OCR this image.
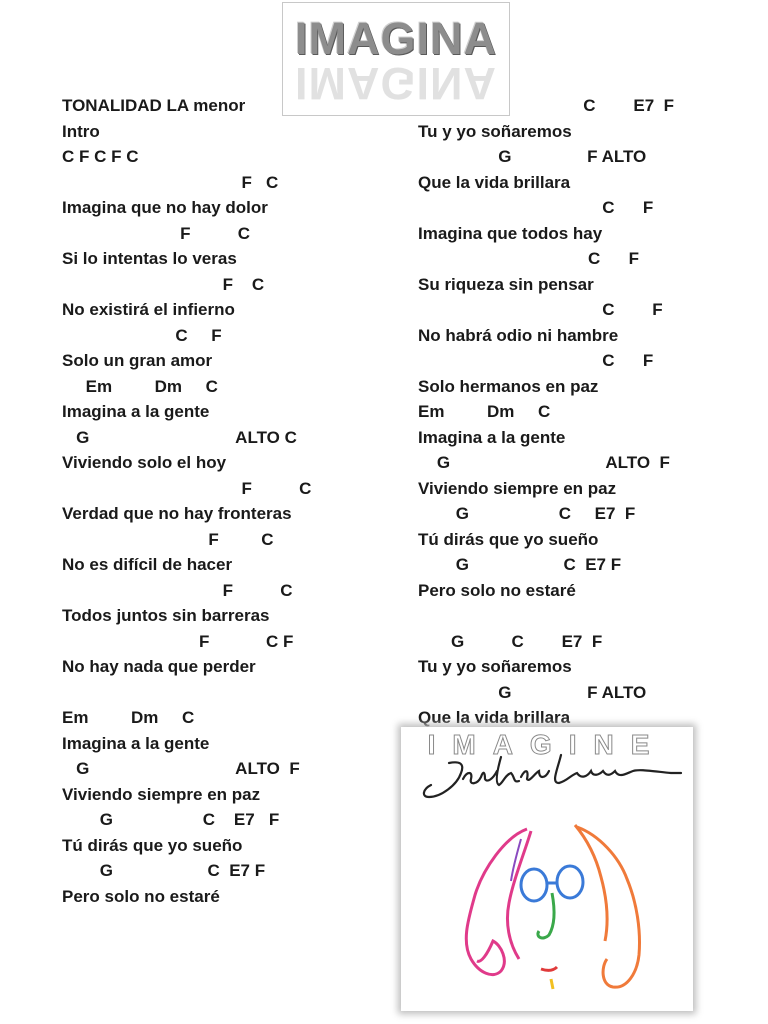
IMAGINA
IMAGINA
TONALIDAD LA menor
Intro
C F C F C
F   C
Imagina que no hay dolor
F          C
Si lo intentas lo veras
F    C
No existirá el infierno
C     F
Solo un gran amor
Em         Dm     C
Imagina a la gente
G                               ALTO C
Viviendo solo el hoy
F          C
Verdad que no hay fronteras
F         C
No es difícil de hacer
F          C
Todos juntos sin barreras
F            C F
No hay nada que perder
Em         Dm     C
Imagina a la gente
G                               ALTO  F
Viviendo siempre en paz
G                   C    E7   F
Tú dirás que yo sueño
G                    C  E7 F
Pero solo no estaré
C        E7  F
Tu y yo soñaremos
G                F ALTO
Que la vida brillara
C      F
Imagina que todos hay
C      F
Su riqueza sin pensar
C        F
No habrá odio ni hambre
C      F
Solo hermanos en paz
Em         Dm     C
Imagina a la gente
G                                 ALTO  F
Viviendo siempre en paz
G                   C     E7  F
Tú dirás que yo sueño
G                    C  E7 F
Pero solo no estaré
G          C        E7  F
Tu y yo soñaremos
G                F ALTO
Que la vida brillara
IMAGINE
